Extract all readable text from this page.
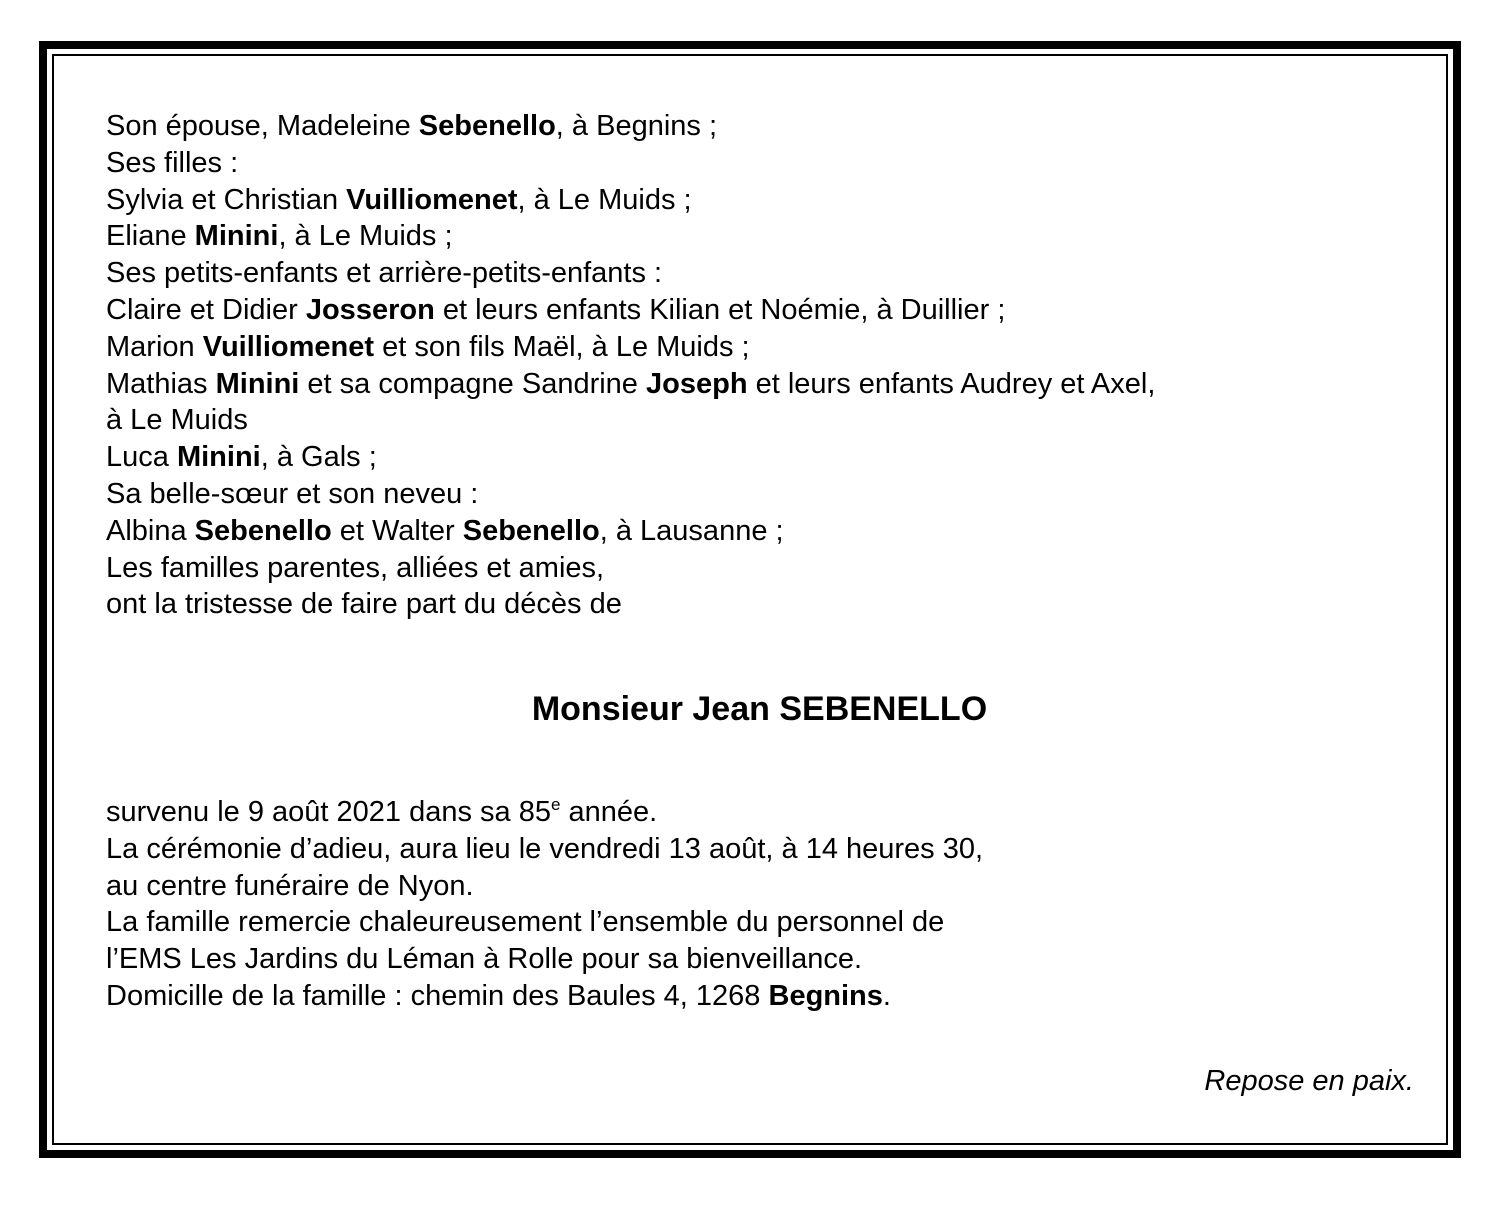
Son épouse, Madeleine Sebenello, à Begnins ;
Ses filles :
Sylvia et Christian Vuilliomenet, à Le Muids ;
Eliane Minini, à Le Muids ;
Ses petits-enfants et arrière-petits-enfants :
Claire et Didier Josseron et leurs enfants Kilian et Noémie, à Duillier ;
Marion Vuilliomenet et son fils Maël, à Le Muids ;
Mathias Minini et sa compagne Sandrine Joseph et leurs enfants Audrey et Axel,
à Le Muids
Luca Minini, à Gals ;
Sa belle-sœur et son neveu :
Albina Sebenello et Walter Sebenello, à Lausanne ;
Les familles parentes, alliées et amies,
ont la tristesse de faire part du décès de
Monsieur Jean SEBENELLO
survenu le 9 août 2021 dans sa 85e année.
La cérémonie d’adieu, aura lieu le vendredi 13 août, à 14 heures 30,
au centre funéraire de Nyon.
La famille remercie chaleureusement l’ensemble du personnel de
l’EMS Les Jardins du Léman à Rolle pour sa bienveillance.
Domicille de la famille : chemin des Baules 4, 1268 Begnins.
Repose en paix.
